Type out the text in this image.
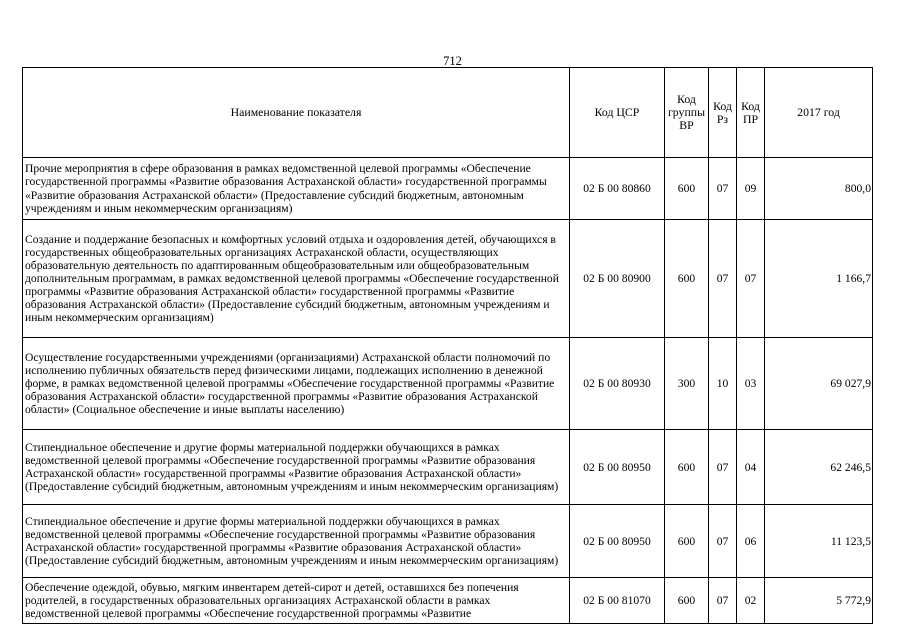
712
Наименование показателя	Код ЦСР	Код группы ВР	Код Рз	Код ПР	2017 год
Прочие мероприятия в сфере образования в рамках ведомственной целевой программы «Обеспечение государственной программы «Развитие образования Астраханской области» государственной программы «Развитие образования Астраханской области» (Предоставление субсидий бюджетным, автономным учреждениям и иным некоммерческим организациям)	02 Б 00 80860	600	07	09	800,0
Создание и поддержание безопасных и комфортных условий отдыха и оздоровления детей, обучающихся в государственных общеобразовательных организациях Астраханской области, осуществляющих образовательную деятельность по адаптированным общеобразовательным или общеобразовательным дополнительным программам, в рамках ведомственной целевой программы «Обеспечение государственной программы «Развитие образования Астраханской области» государственной программы «Развитие образования Астраханской области» (Предоставление субсидий бюджетным, автономным учреждениям и иным некоммерческим организациям)	02 Б 00 80900	600	07	07	1 166,7
Осуществление государственными учреждениями (организациями) Астраханской области полномочий по исполнению публичных обязательств перед физическими лицами, подлежащих исполнению в денежной форме, в рамках ведомственной целевой программы «Обеспечение государственной программы «Развитие образования Астраханской области» государственной программы «Развитие образования Астраханской области» (Социальное обеспечение и иные выплаты населению)	02 Б 00 80930	300	10	03	69 027,9
Стипендиальное обеспечение и другие формы материальной поддержки обучающихся в рамках ведомственной целевой программы «Обеспечение государственной программы «Развитие образования Астраханской области» государственной программы «Развитие образования Астраханской области» (Предоставление субсидий бюджетным, автономным учреждениям и иным некоммерческим организациям)	02 Б 00 80950	600	07	04	62 246,5
Стипендиальное обеспечение и другие формы материальной поддержки обучающихся в рамках ведомственной целевой программы «Обеспечение государственной программы «Развитие образования Астраханской области» государственной программы «Развитие образования Астраханской области» (Предоставление субсидий бюджетным, автономным учреждениям и иным некоммерческим организациям)	02 Б 00 80950	600	07	06	11 123,5
Обеспечение одеждой, обувью, мягким инвентарем детей-сирот и детей, оставшихся без попечения родителей, в государственных образовательных организациях Астраханской области в рамках ведомственной целевой программы «Обеспечение государственной программы «Развитие	02 Б 00 81070	600	07	02	5 772,9
